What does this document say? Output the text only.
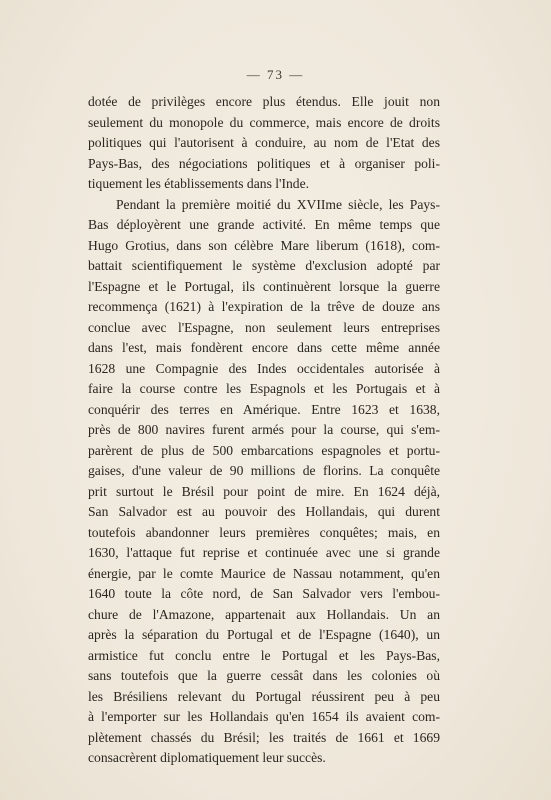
— 73 —
dotée de privilèges encore plus étendus. Elle jouit non
seulement du monopole du commerce, mais encore de droits
politiques qui l'autorisent à conduire, au nom de l'Etat des
Pays-Bas, des négociations politiques et à organiser poli-
tiquement les établissements dans l'Inde.
Pendant la première moitié du XVIIme siècle, les Pays-
Bas déployèrent une grande activité. En même temps que
Hugo Grotius, dans son célèbre Mare liberum (1618), com-
battait scientifiquement le système d'exclusion adopté par
l'Espagne et le Portugal, ils continuèrent lorsque la guerre
recommença (1621) à l'expiration de la trêve de douze ans
conclue avec l'Espagne, non seulement leurs entreprises
dans l'est, mais fondèrent encore dans cette même année
1628 une Compagnie des Indes occidentales autorisée à
faire la course contre les Espagnols et les Portugais et à
conquérir des terres en Amérique. Entre 1623 et 1638,
près de 800 navires furent armés pour la course, qui s'em-
parèrent de plus de 500 embarcations espagnoles et portu-
gaises, d'une valeur de 90 millions de florins. La conquête
prit surtout le Brésil pour point de mire. En 1624 déjà,
San Salvador est au pouvoir des Hollandais, qui durent
toutefois abandonner leurs premières conquêtes; mais, en
1630, l'attaque fut reprise et continuée avec une si grande
énergie, par le comte Maurice de Nassau notamment, qu'en
1640 toute la côte nord, de San Salvador vers l'embou-
chure de l'Amazone, appartenait aux Hollandais. Un an
après la séparation du Portugal et de l'Espagne (1640), un
armistice fut conclu entre le Portugal et les Pays-Bas,
sans toutefois que la guerre cessât dans les colonies où
les Brésiliens relevant du Portugal réussirent peu à peu
à l'emporter sur les Hollandais qu'en 1654 ils avaient com-
plètement chassés du Brésil; les traités de 1661 et 1669
consacrèrent diplomatiquement leur succès.
